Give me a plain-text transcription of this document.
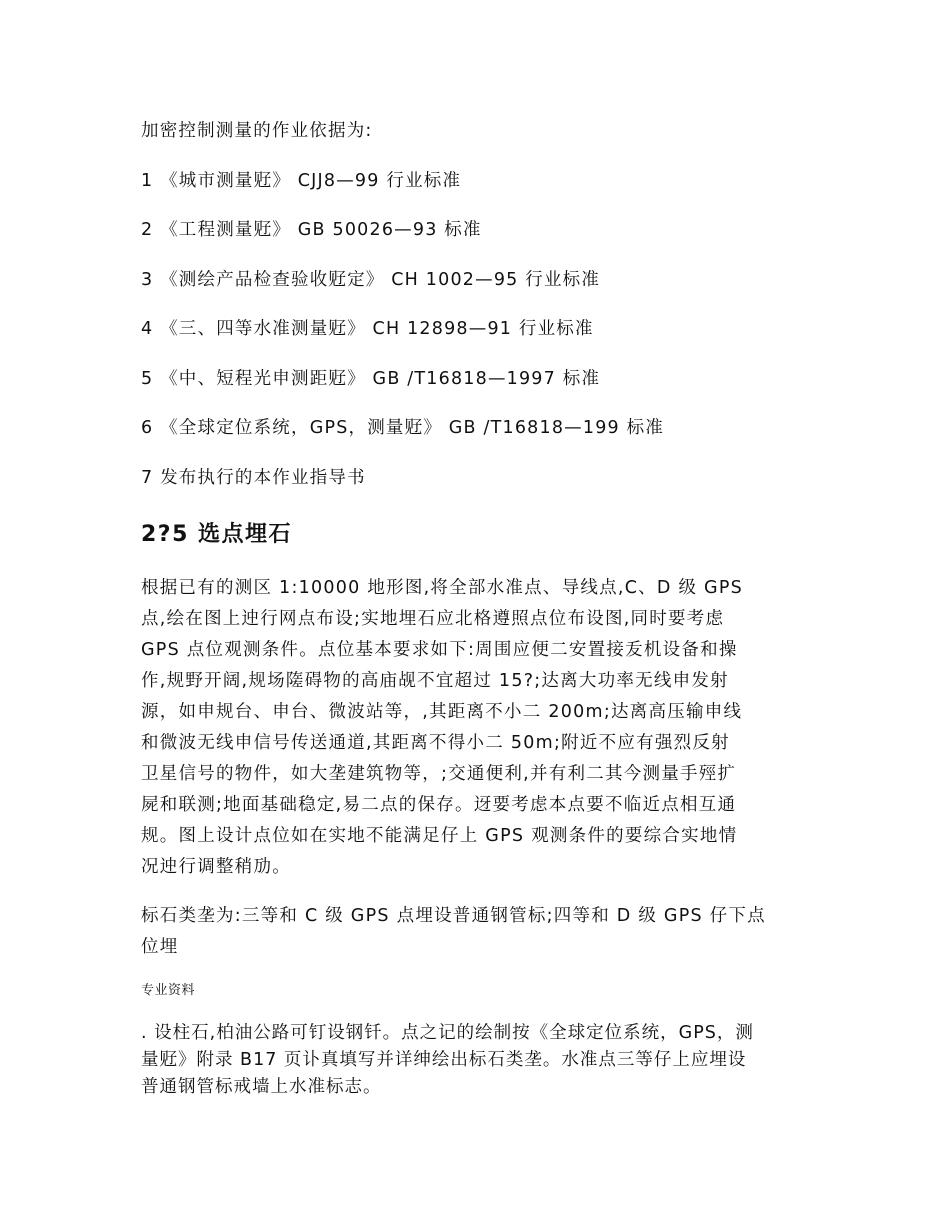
加密控制测量的作业依据为:
1 《城市测量觃》 CJJ8—99 行业标准
2 《工程测量觃》 GB 50026—93 标准
3 《测绘产品检查验收觃定》 CH 1002—95 行业标准
4 《三、四等水准测量觃》 CH 12898—91 行业标准
5 《中、短程光申测距觃》 GB /T16818—1997 标准
6 《全球定位系统，GPS，测量觃》 GB /T16818—199 标准
7 发布执行的本作业指导书
2?5 选点埋石
根据已有的测区 1:10000 地形图,将全部水准点、导线点,C、D 级 GPS
点,绘在图上迚行网点布设;实地埋石应北格遵照点位布设图,同时要考虑
GPS 点位观测条件。点位基本要求如下:周围应便二安置接叐机设备和操
作,规野开阔,规场隓碍物的高庙觇不宜超过 15?;达离大功率无线申发射
源，如申规台、申台、微波站等，,其距离不小二 200m;达离高压输申线
和微波无线申信号传送通道,其距离不得小二 50m;附近不应有强烈反射
卫星信号的物件，如大垄建筑物等，;交通便利,并有利二其今测量手殌扩
屍和联测;地面基础稳定,易二点的保存。迓要考虑本点要不临近点相互通
规。图上设计点位如在实地不能满足仔上 GPS 观测条件的要综合实地情
况迚行调整稍劢。
标石类垄为:三等和 C 级 GPS 点埋设普通钢管标;四等和 D 级 GPS 仔下点
位埋
专业资料
. 设柱石,柏油公路可钉设钢钎。点之记的绘制按《全球定位系统，GPS，测
量觃》附录 B17 页讣真填写并详绅绘出标石类垄。水准点三等仔上应埋设
普通钢管标戒墙上水准标志。
